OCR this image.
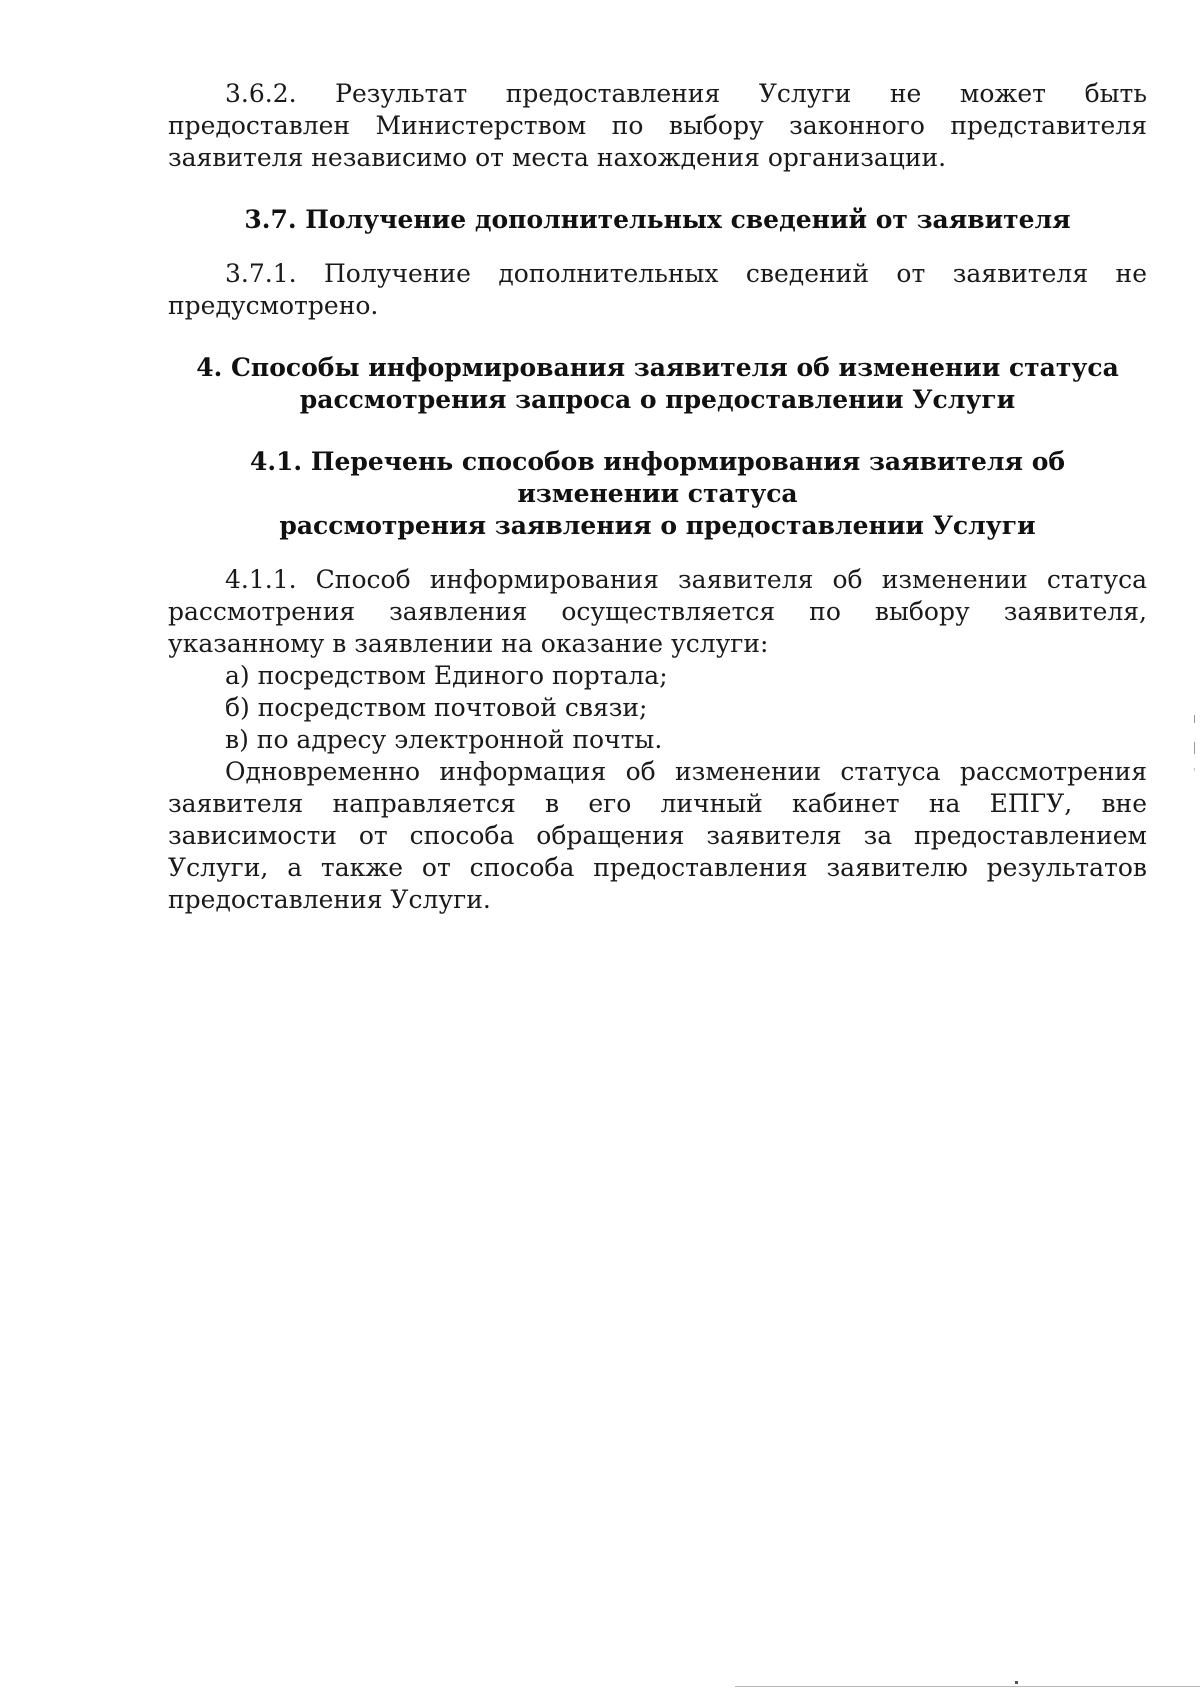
3.6.2. Результат предоставления Услуги не может быть предоставлен Министерством по выбору законного представителя заявителя независимо от места нахождения организации.

3.7. Получение дополнительных сведений от заявителя

3.7.1. Получение дополнительных сведений от заявителя не предусмотрено.

4. Способы информирования заявителя об изменении статуса
рассмотрения запроса о предоставлении Услуги
4.1. Перечень способов информирования заявителя об изменении статуса
рассмотрения заявления о предоставлении Услуги

4.1.1. Способ информирования заявителя об изменении статуса рассмотрения заявления осуществляется по выбору заявителя, указанному в заявлении на оказание услуги:

а) посредством Единого портала;

б) посредством почтовой связи;

в) по адресу электронной почты.

Одновременно информация об изменении статуса рассмотрения заявителя направляется в его личный кабинет на ЕПГУ, вне зависимости от способа обращения заявителя за предоставлением Услуги, а также от способа предоставления заявителю результатов предоставления Услуги.
